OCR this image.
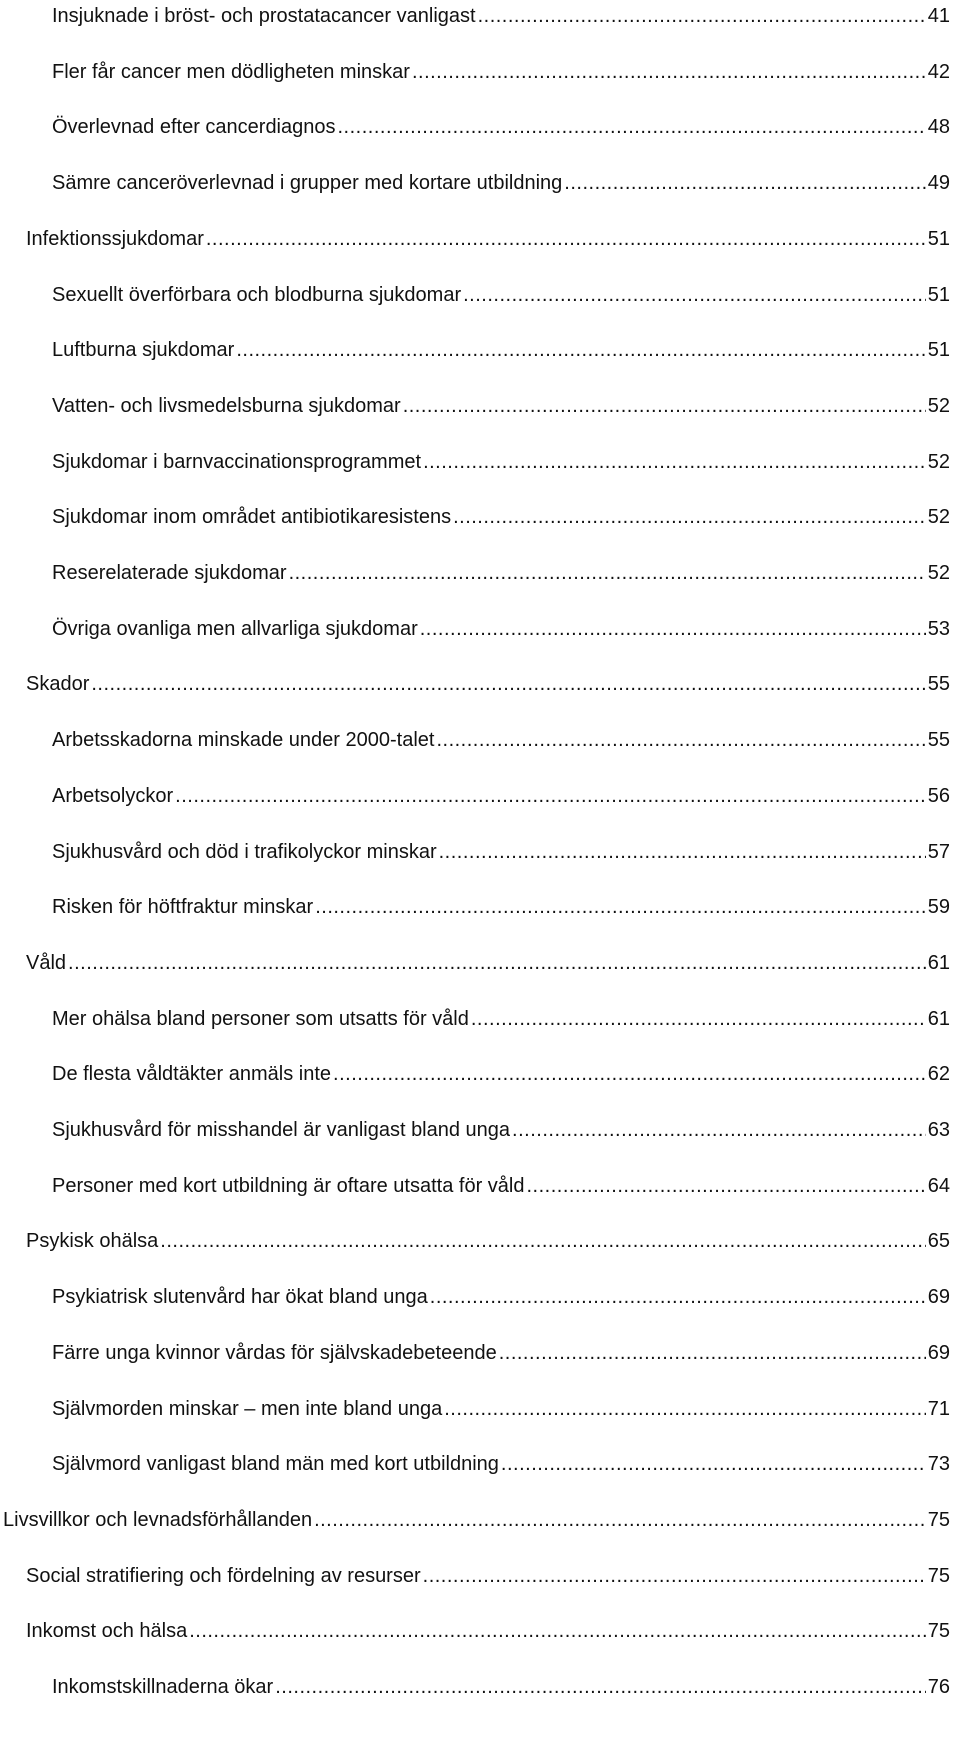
Insjuknade i bröst- och prostatacancer vanligast .....	41
Fler får cancer men dödligheten minskar .....	42
Överlevnad efter cancerdiagnos .....	48
Sämre canceröverlevnad i grupper med kortare utbildning .....	49
Infektionssjukdomar .....	51
Sexuellt överförbara och blodburna sjukdomar .....	51
Luftburna sjukdomar .....	51
Vatten- och livsmedelsburna sjukdomar .....	52
Sjukdomar i barnvaccinationsprogrammet .....	52
Sjukdomar inom området antibiotikaresistens .....	52
Reserelaterade sjukdomar .....	52
Övriga ovanliga men allvarliga sjukdomar .....	53
Skador .....	55
Arbetsskadorna minskade under 2000-talet .....	55
Arbetsolyckor .....	56
Sjukhusvård och död i trafikolyckor minskar .....	57
Risken för höftfraktur minskar .....	59
Våld .....	61
Mer ohälsa bland personer som utsatts för våld .....	61
De flesta våldtäkter anmäls inte .....	62
Sjukhusvård för misshandel är vanligast bland unga .....	63
Personer med kort utbildning är oftare utsatta för våld .....	64
Psykisk ohälsa .....	65
Psykiatrisk slutenvård har ökat bland unga .....	69
Färre unga kvinnor vårdas för självskadebeteende .....	69
Självmorden minskar – men inte bland unga .....	71
Självmord vanligast bland män med kort utbildning .....	73
Livsvillkor och levnadsförhållanden .....	75
Social stratifiering och fördelning av resurser .....	75
Inkomst och hälsa .....	75
Inkomstskillnaderna ökar .....	76
